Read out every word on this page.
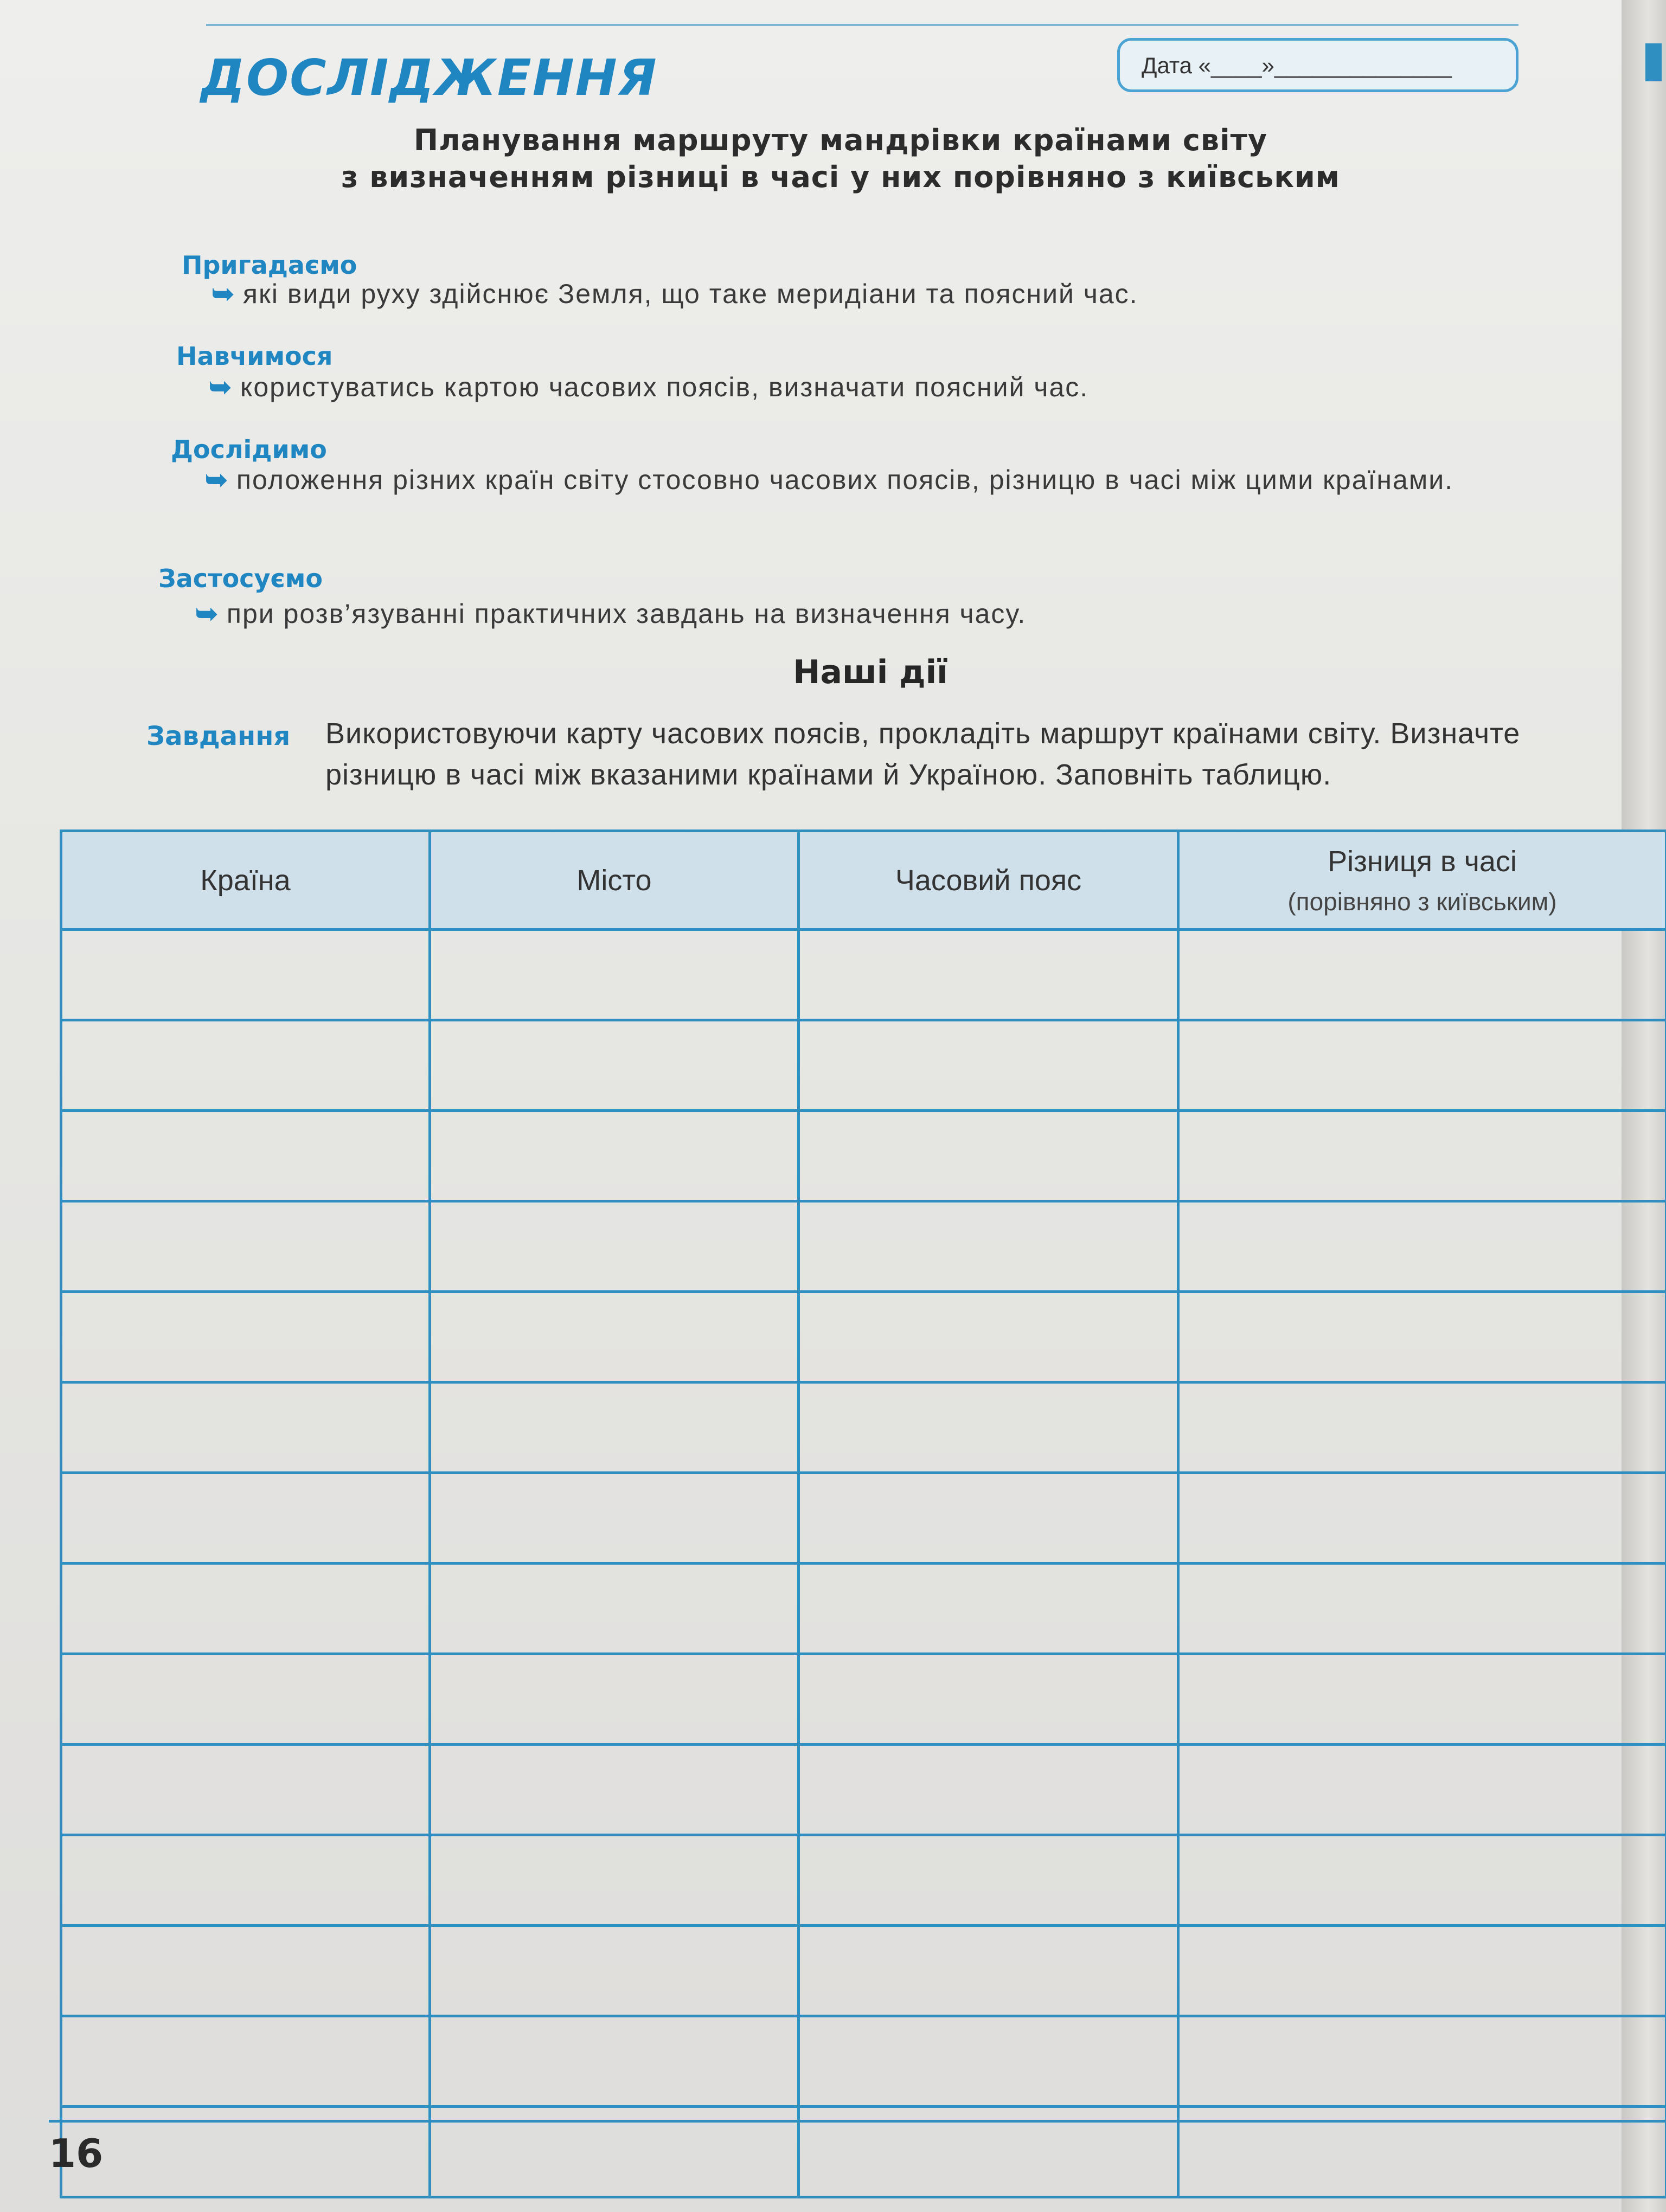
ДОСЛІДЖЕННЯ	Дата «____»______________
Планування маршруту мандрівки країнами світу
з визначенням різниці в часі у них порівняно з київським
Пригадаємо
➥ які види руху здійснює Земля, що таке меридіани та поясний час.
Навчимося
➥ користуватись картою часових поясів, визначати поясний час.
Дослідимо
➥ положення різних країн світу стосовно часових поясів, різницю в часі між цими країнами.
Застосуємо
➥ при розв’язуванні практичних завдань на визначення часу.
Наші дії
Завдання Використовуючи карту часових поясів, прокладіть маршрут країнами світу. Визначте різницю в часі між вказаними країнами й Україною. Заповніть таблицю.
Країна	Місто	Часовий пояс	Різниця в часі
(порівняно з київським)

16
